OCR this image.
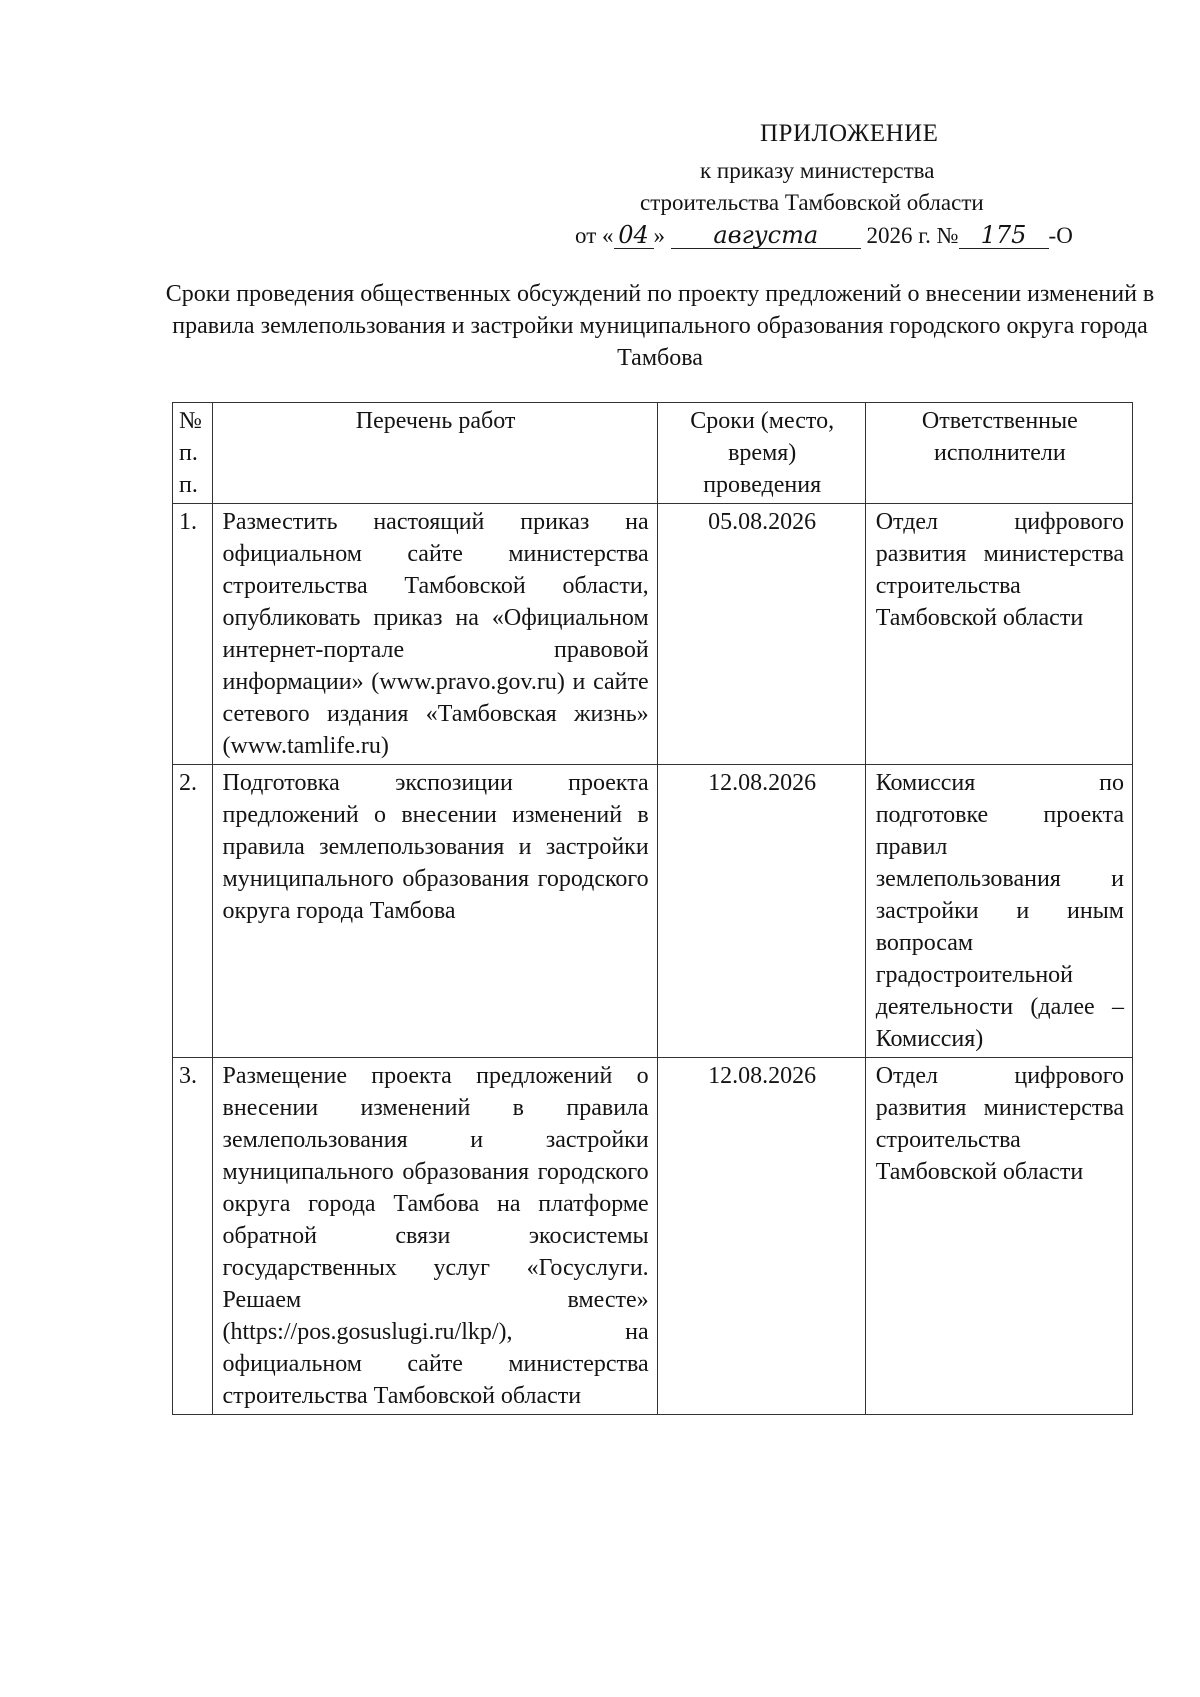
ПРИЛОЖЕНИЕ
к приказу министерства
строительства Тамбовской области
от « 04 » августа 2026 г. № 175 -О
Сроки проведения общественных обсуждений по проекту предложений о внесении изменений в правила землепользования и застройки муниципального образования городского округа города Тамбова
№ п. п.	Перечень работ	Сроки (место, время) проведения	Ответственные исполнители
1.	Разместить настоящий приказ на официальном сайте министерства строительства Тамбовской области, опубликовать приказ на «Официальном интернет-портале правовой информации» (www.pravo.gov.ru) и сайте сетевого издания «Тамбовская жизнь» (www.tamlife.ru)	05.08.2026	Отдел цифрового развития министерства строительства Тамбовской области
2.	Подготовка экспозиции проекта предложений о внесении изменений в правила землепользования и застройки муниципального образования городского округа города Тамбова	12.08.2026	Комиссия по подготовке проекта правил землепользования и застройки и иным вопросам градостроительной деятельности (далее – Комиссия)
3.	Размещение проекта предложений о внесении изменений в правила землепользования и застройки муниципального образования городского округа города Тамбова на платформе обратной связи экосистемы государственных услуг «Госуслуги. Решаем вместе» (https://pos.gosuslugi.ru/lkp/), на официальном сайте министерства строительства Тамбовской области	12.08.2026	Отдел цифрового развития министерства строительства Тамбовской области
